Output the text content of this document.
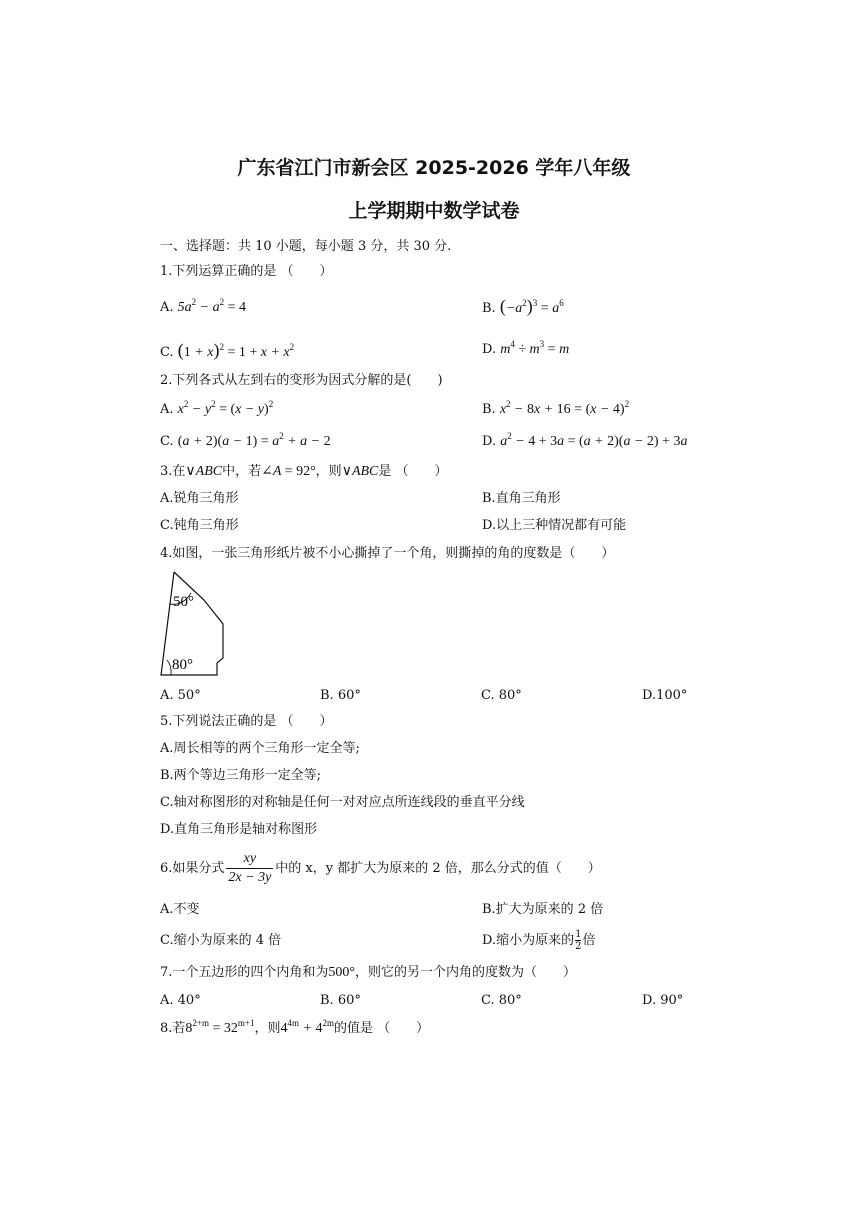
广东省江门市新会区 2025-2026 学年八年级
上学期期中数学试卷
一、选择题：共 10 小题，每小题 3 分，共 30 分.
1.下列运算正确的是 （　　）
A. $5a^2 - a^2 = 4$	B. $(-a^2)^3 = a^6$
C. $(1 + x)^2 = 1 + x + x^2$	D. $m^4 \div m^3 = m$
2.下列各式从左到右的变形为因式分解的是(　　)
A. $x^2 - y^2 = (x - y)^2$	B. $x^2 - 8x + 16 = (x - 4)^2$
C. $(a + 2)(a - 1) = a^2 + a - 2$	D. $a^2 - 4 + 3a = (a + 2)(a - 2) + 3a$
3.在∨ABC中，若∠A = 92°，则∨ABC是 （　　）
A.锐角三角形	B.直角三角形
C.钝角三角形	D.以上三种情况都有可能
4.如图，一张三角形纸片被不小心撕掉了一个角，则撕掉的角的度数是（　　）
50°
80°
A. 50°	B. 60°	C. 80°	D.100°
5.下列说法正确的是 （　　）
A.周长相等的两个三角形一定全等;
B.两个等边三角形一定全等;
C.轴对称图形的对称轴是任何一对对应点所连线段的垂直平分线
D.直角三角形是轴对称图形
6.如果分式 $\frac{xy}{2x - 3y}$ 中的 x，y 都扩大为原来的 2 倍，那么分式的值（　　）
A.不变	B.扩大为原来的 2 倍
C.缩小为原来的 4 倍	D.缩小为原来的 $\frac{1}{2}$ 倍
7.一个五边形的四个内角和为500°，则它的另一个内角的度数为（　　）
A. 40°	B. 60°	C. 80°	D. 90°
8.若$8^{2+m} = 32^{m+1}$，则$4^{4m} + 4^{2m}$的值是 （　　）
